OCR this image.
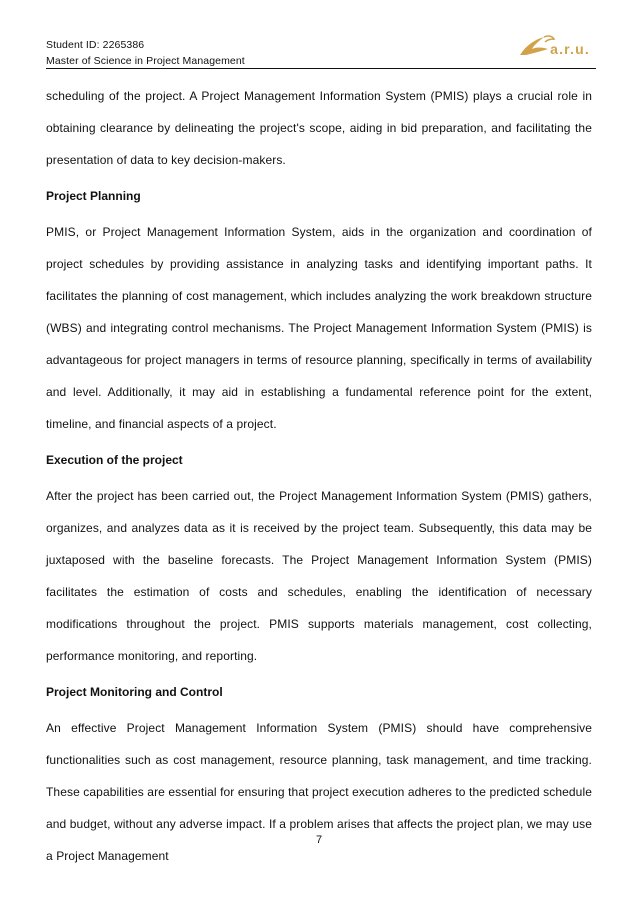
Student ID: 2265386
Master of Science in Project Management
a.r.u.

scheduling of the project. A Project Management Information System (PMIS) plays a crucial role in obtaining clearance by delineating the project's scope, aiding in bid preparation, and facilitating the presentation of data to key decision-makers.

Project Planning

PMIS, or Project Management Information System, aids in the organization and coordination of project schedules by providing assistance in analyzing tasks and identifying important paths. It facilitates the planning of cost management, which includes analyzing the work breakdown structure (WBS) and integrating control mechanisms. The Project Management Information System (PMIS) is advantageous for project managers in terms of resource planning, specifically in terms of availability and level. Additionally, it may aid in establishing a fundamental reference point for the extent, timeline, and financial aspects of a project.

Execution of the project

After the project has been carried out, the Project Management Information System (PMIS) gathers, organizes, and analyzes data as it is received by the project team. Subsequently, this data may be juxtaposed with the baseline forecasts. The Project Management Information System (PMIS) facilitates the estimation of costs and schedules, enabling the identification of necessary modifications throughout the project. PMIS supports materials management, cost collecting, performance monitoring, and reporting.

Project Monitoring and Control

An effective Project Management Information System (PMIS) should have comprehensive functionalities such as cost management, resource planning, task management, and time tracking. These capabilities are essential for ensuring that project execution adheres to the predicted schedule and budget, without any adverse impact. If a problem arises that affects the project plan, we may use a Project Management

7
